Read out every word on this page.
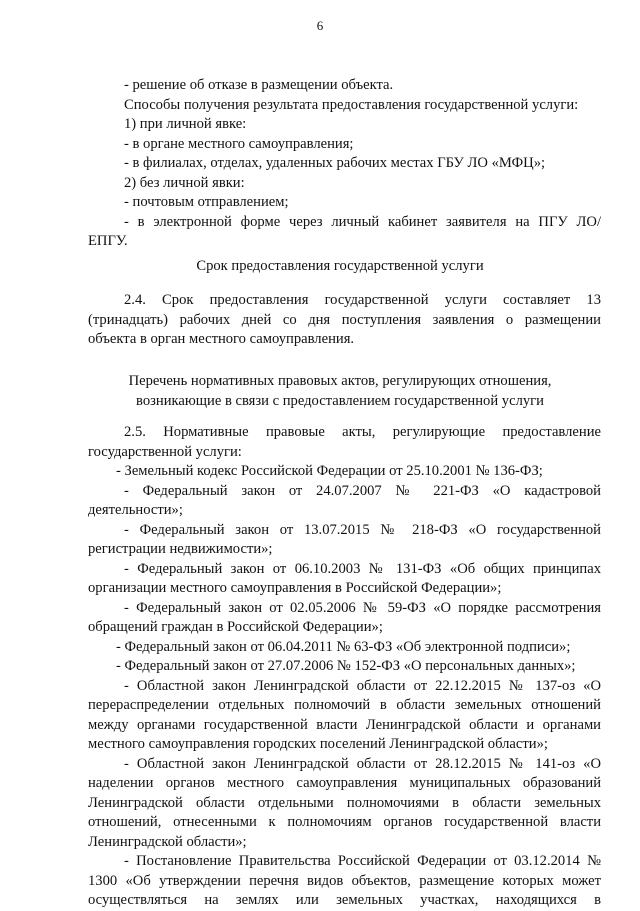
6
- решение об отказе в размещении объекта.
Способы получения результата предоставления государственной услуги:
1) при личной явке:
- в органе местного самоуправления;
- в филиалах, отделах, удаленных рабочих местах ГБУ ЛО «МФЦ»;
2) без личной явки:
- почтовым отправлением;
- в электронной форме через личный кабинет заявителя на ПГУ ЛО/
ЕПГУ.
Срок предоставления государственной услуги
2.4. Срок предоставления государственной услуги составляет 13
(тринадцать) рабочих дней со дня поступления заявления о размещении
объекта в орган местного самоуправления.
Перечень нормативных правовых актов, регулирующих отношения,
возникающие в связи с предоставлением государственной услуги
2.5. Нормативные правовые акты, регулирующие предоставление
государственной услуги:
- Земельный кодекс Российской Федерации от 25.10.2001 № 136-ФЗ;
- Федеральный закон от 24.07.2007 № 221-ФЗ «О кадастровой
деятельности»;
- Федеральный закон от 13.07.2015 № 218-ФЗ «О государственной
регистрации недвижимости»;
- Федеральный закон от 06.10.2003 № 131-ФЗ «Об общих принципах
организации местного самоуправления в Российской Федерации»;
- Федеральный закон от 02.05.2006 № 59-ФЗ «О порядке рассмотрения
обращений граждан в Российской Федерации»;
- Федеральный закон от 06.04.2011 № 63-ФЗ «Об электронной подписи»;
- Федеральный закон от 27.07.2006 № 152-ФЗ «О персональных данных»;
- Областной закон Ленинградской области от 22.12.2015 № 137-оз «О
перераспределении отдельных полномочий в области земельных отношений
между органами государственной власти Ленинградской области и органами
местного самоуправления городских поселений Ленинградской области»;
- Областной закон Ленинградской области от 28.12.2015 № 141-оз «О
наделении органов местного самоуправления муниципальных образований
Ленинградской области отдельными полномочиями в области земельных
отношений, отнесенными к полномочиям органов государственной власти
Ленинградской области»;
- Постановление Правительства Российской Федерации от 03.12.2014 №
1300 «Об утверждении перечня видов объектов, размещение которых может
осуществляться на землях или земельных участках, находящихся в
